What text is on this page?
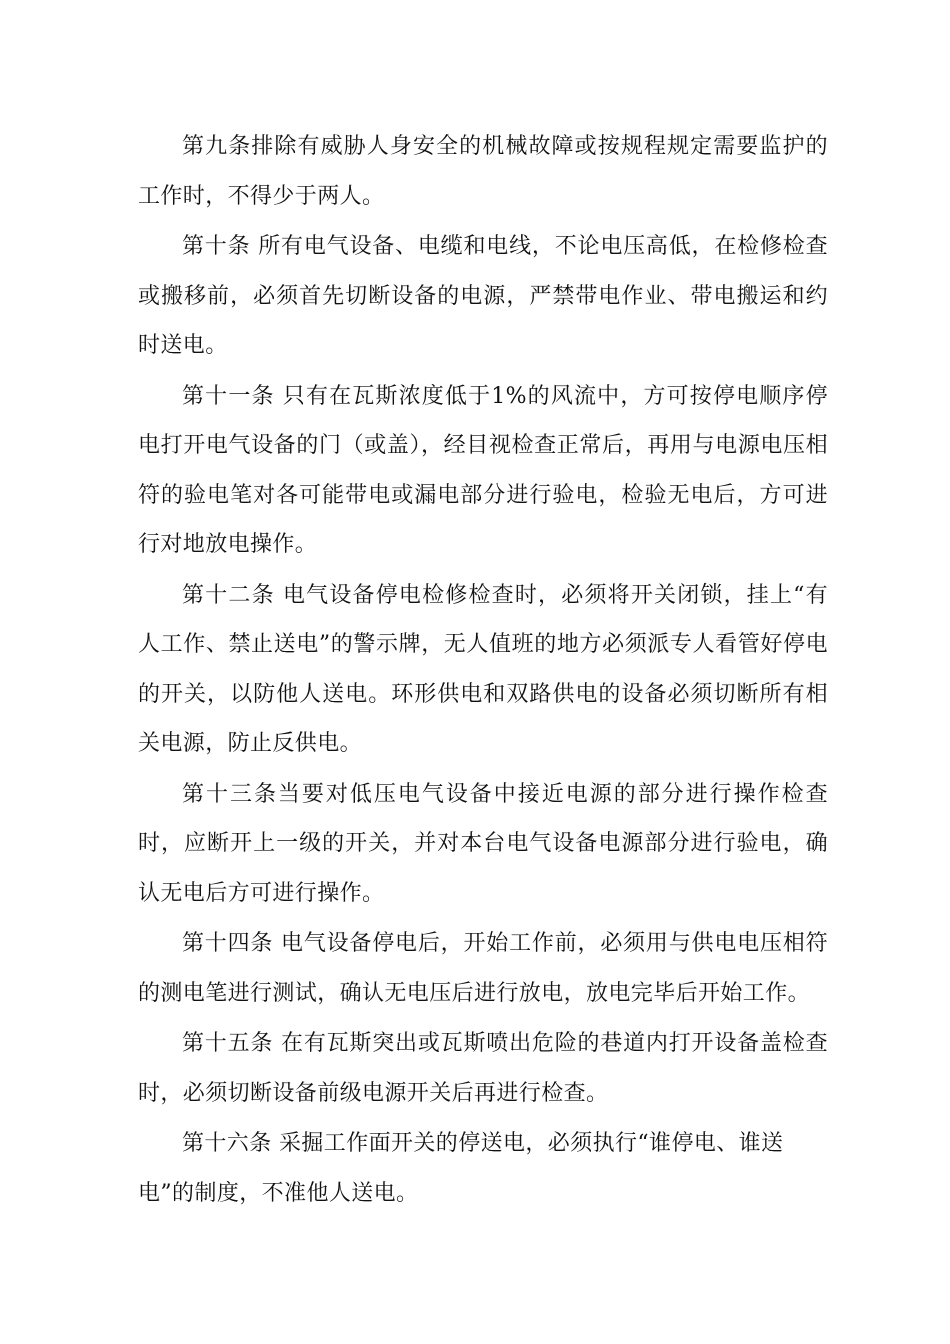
第九条排除有威胁人身安全的机械故障或按规程规定需要监护的工作时，不得少于两人。

第十条 所有电气设备、电缆和电线，不论电压高低，在检修检查或搬移前，必须首先切断设备的电源，严禁带电作业、带电搬运和约时送电。

第十一条 只有在瓦斯浓度低于1%的风流中，方可按停电顺序停电打开电气设备的门（或盖），经目视检查正常后，再用与电源电压相符的验电笔对各可能带电或漏电部分进行验电，检验无电后，方可进行对地放电操作。

第十二条 电气设备停电检修检查时，必须将开关闭锁，挂上“有人工作、禁止送电”的警示牌，无人值班的地方必须派专人看管好停电的开关，以防他人送电。环形供电和双路供电的设备必须切断所有相关电源，防止反供电。

第十三条当要对低压电气设备中接近电源的部分进行操作检查时，应断开上一级的开关，并对本台电气设备电源部分进行验电，确认无电后方可进行操作。

第十四条 电气设备停电后，开始工作前，必须用与供电电压相符的测电笔进行测试，确认无电压后进行放电，放电完毕后开始工作。

第十五条 在有瓦斯突出或瓦斯喷出危险的巷道内打开设备盖检查时，必须切断设备前级电源开关后再进行检查。

第十六条 采掘工作面开关的停送电，必须执行“谁停电、谁送电”的制度，不准他人送电。
